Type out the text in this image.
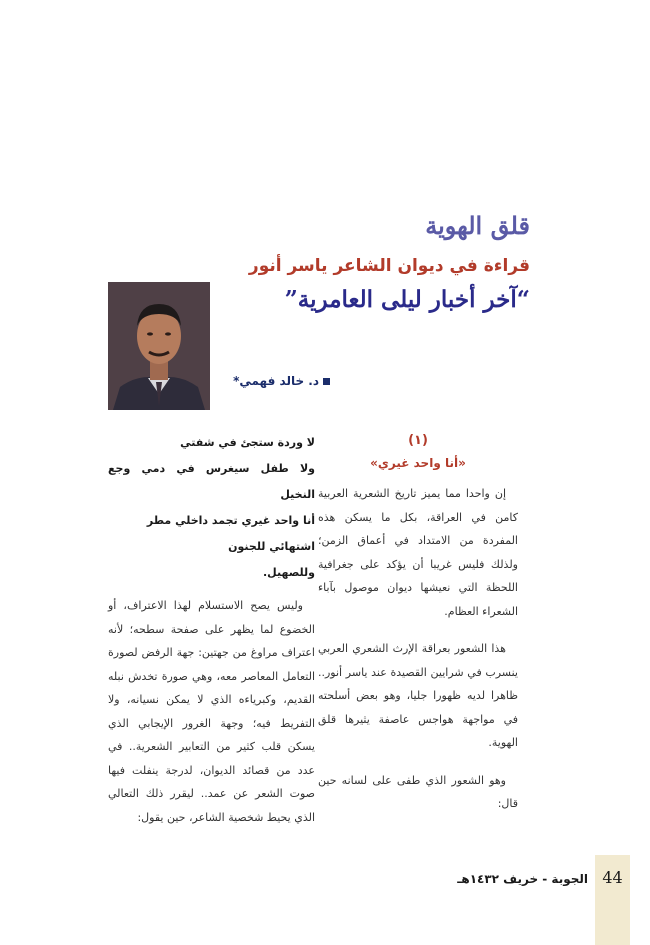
قلق الهوية
قراءة في ديوان الشاعر ياسر أنور
“آخر أخبار ليلى العامرية”
د. خالد فهمي*
(١)
«أنا واحد غيري»

إن واحدا مما يميز تاريخ الشعرية العربية كامن في العراقة، بكل ما يسكن هذه المفردة من الامتداد في أعماق الزمن؛ ولذلك فليس غريبا أن يؤكد على جغرافية اللحظة التي نعيشها ديوان موصول بآباء الشعراء العظام.

هذا الشعور بعراقة الإرث الشعري العربي ينسرب في شرايين القصيدة عند ياسر أنور.. ظاهرا لديه ظهورا جليا، وهو بعض أسلحته في مواجهة هواجس عاصفة يثيرها قلق الهوية.

وهو الشعور الذي طفى على لسانه حين قال:

لا وردة ستجئ في شفتي
ولا طفل سيغرس في دمي وجع النخيل
أنا واحد غيري تجمد داخلي مطر
اشتهائي للجنون
وللصهيل.

وليس يصح الاستسلام لهذا الاعتراف، أو الخضوع لما يظهر على صفحة سطحه؛ لأنه اعتراف مراوغ من جهتين: جهة الرفض لصورة التعامل المعاصر معه، وهي صورة تخدش نبله القديم، وكبرياءه الذي لا يمكن نسيانه، ولا التفريط فيه؛ وجهة الغرور الإيجابي الذي يسكن قلب كثير من التعابير الشعرية.. في عدد من قصائد الديوان، لدرجة ينفلت فيها صوت الشعر عن عمد.. ليقرر ذلك التعالي الذي يحيط شخصية الشاعر، حين يقول:

44
الجوبة - خريف ١٤٣٢هـ
